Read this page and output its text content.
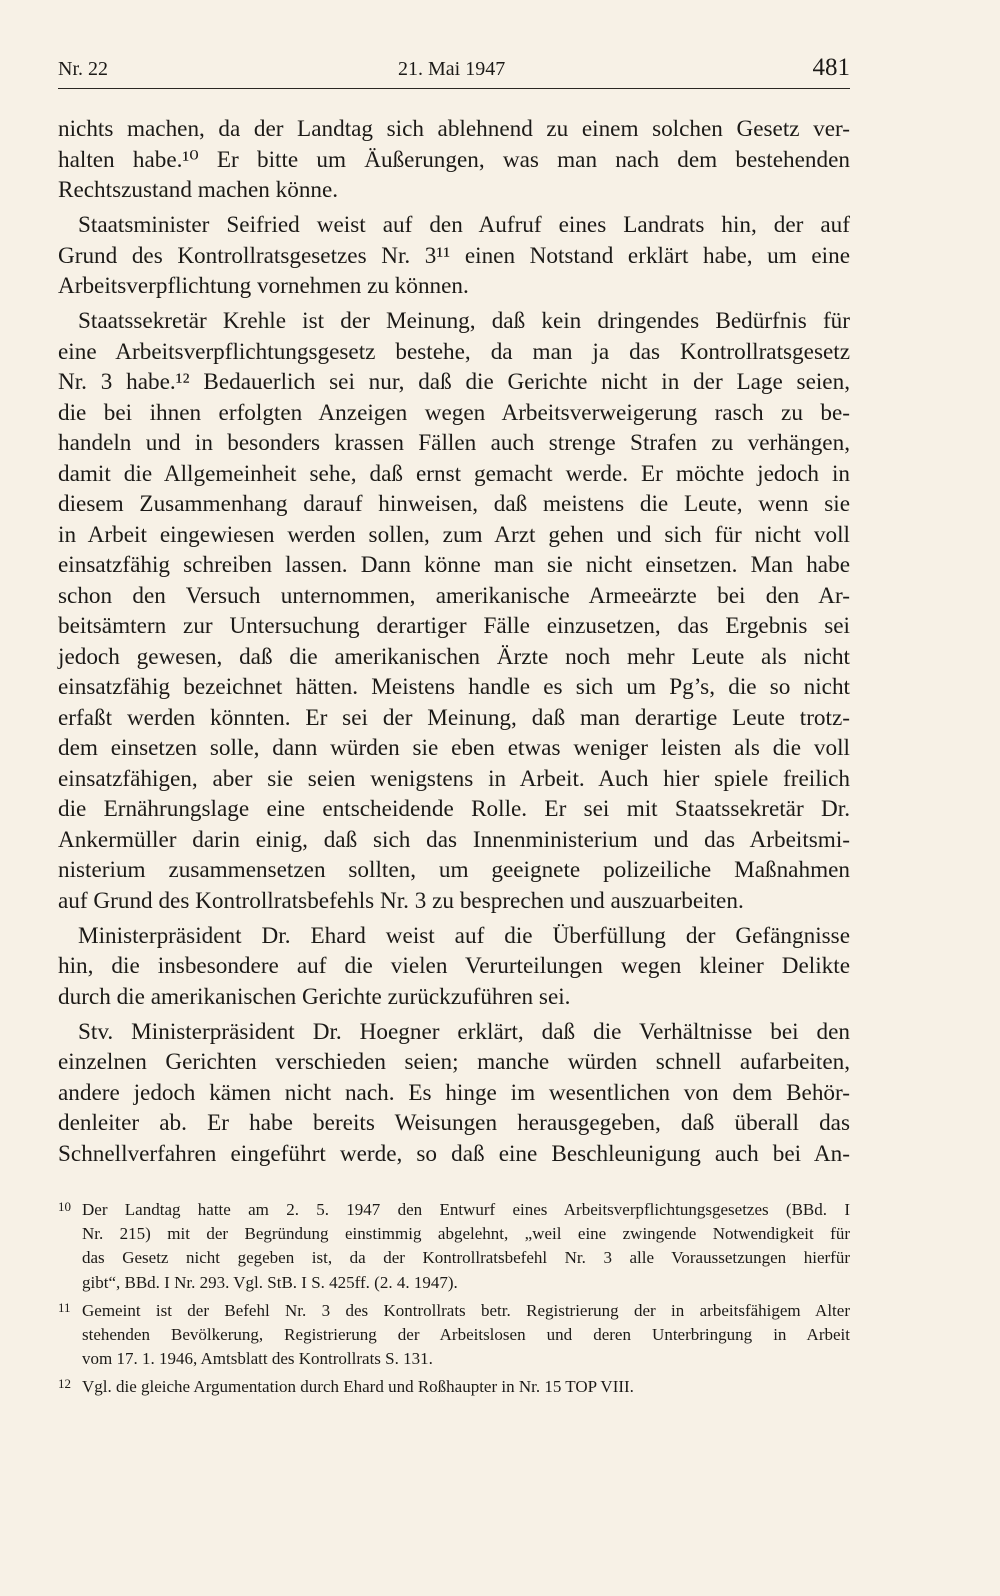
Nr. 22	21. Mai 1947	481
nichts machen, da der Landtag sich ablehnend zu einem solchen Gesetz ver-
halten habe.¹⁰ Er bitte um Äußerungen, was man nach dem bestehenden
Rechtszustand machen könne.
Staatsminister Seifried weist auf den Aufruf eines Landrats hin, der auf
Grund des Kontrollratsgesetzes Nr. 3¹¹ einen Notstand erklärt habe, um eine
Arbeitsverpflichtung vornehmen zu können.
Staatssekretär Krehle ist der Meinung, daß kein dringendes Bedürfnis für
eine Arbeitsverpflichtungsgesetz bestehe, da man ja das Kontrollratsgesetz
Nr. 3 habe.¹² Bedauerlich sei nur, daß die Gerichte nicht in der Lage seien,
die bei ihnen erfolgten Anzeigen wegen Arbeitsverweigerung rasch zu be-
handeln und in besonders krassen Fällen auch strenge Strafen zu verhängen,
damit die Allgemeinheit sehe, daß ernst gemacht werde. Er möchte jedoch in
diesem Zusammenhang darauf hinweisen, daß meistens die Leute, wenn sie
in Arbeit eingewiesen werden sollen, zum Arzt gehen und sich für nicht voll
einsatzfähig schreiben lassen. Dann könne man sie nicht einsetzen. Man habe
schon den Versuch unternommen, amerikanische Armeeärzte bei den Ar-
beitsämtern zur Untersuchung derartiger Fälle einzusetzen, das Ergebnis sei
jedoch gewesen, daß die amerikanischen Ärzte noch mehr Leute als nicht
einsatzfähig bezeichnet hätten. Meistens handle es sich um Pg’s, die so nicht
erfaßt werden könnten. Er sei der Meinung, daß man derartige Leute trotz-
dem einsetzen solle, dann würden sie eben etwas weniger leisten als die voll
einsatzfähigen, aber sie seien wenigstens in Arbeit. Auch hier spiele freilich
die Ernährungslage eine entscheidende Rolle. Er sei mit Staatssekretär Dr.
Ankermüller darin einig, daß sich das Innenministerium und das Arbeitsmi-
nisterium zusammensetzen sollten, um geeignete polizeiliche Maßnahmen
auf Grund des Kontrollratsbefehls Nr. 3 zu besprechen und auszuarbeiten.
Ministerpräsident Dr. Ehard weist auf die Überfüllung der Gefängnisse
hin, die insbesondere auf die vielen Verurteilungen wegen kleiner Delikte
durch die amerikanischen Gerichte zurückzuführen sei.
Stv. Ministerpräsident Dr. Hoegner erklärt, daß die Verhältnisse bei den
einzelnen Gerichten verschieden seien; manche würden schnell aufarbeiten,
andere jedoch kämen nicht nach. Es hinge im wesentlichen von dem Behör-
denleiter ab. Er habe bereits Weisungen herausgegeben, daß überall das
Schnellverfahren eingeführt werde, so daß eine Beschleunigung auch bei An-
10 Der Landtag hatte am 2. 5. 1947 den Entwurf eines Arbeitsverpflichtungsgesetzes (BBd. I
Nr. 215) mit der Begründung einstimmig abgelehnt, „weil eine zwingende Notwendigkeit für
das Gesetz nicht gegeben ist, da der Kontrollratsbefehl Nr. 3 alle Voraussetzungen hierfür
gibt“, BBd. I Nr. 293. Vgl. StB. I S. 425ff. (2. 4. 1947).
11 Gemeint ist der Befehl Nr. 3 des Kontrollrats betr. Registrierung der in arbeitsfähigem Alter
stehenden Bevölkerung, Registrierung der Arbeitslosen und deren Unterbringung in Arbeit
vom 17. 1. 1946, Amtsblatt des Kontrollrats S. 131.
12 Vgl. die gleiche Argumentation durch Ehard und Roßhaupter in Nr. 15 TOP VIII.
